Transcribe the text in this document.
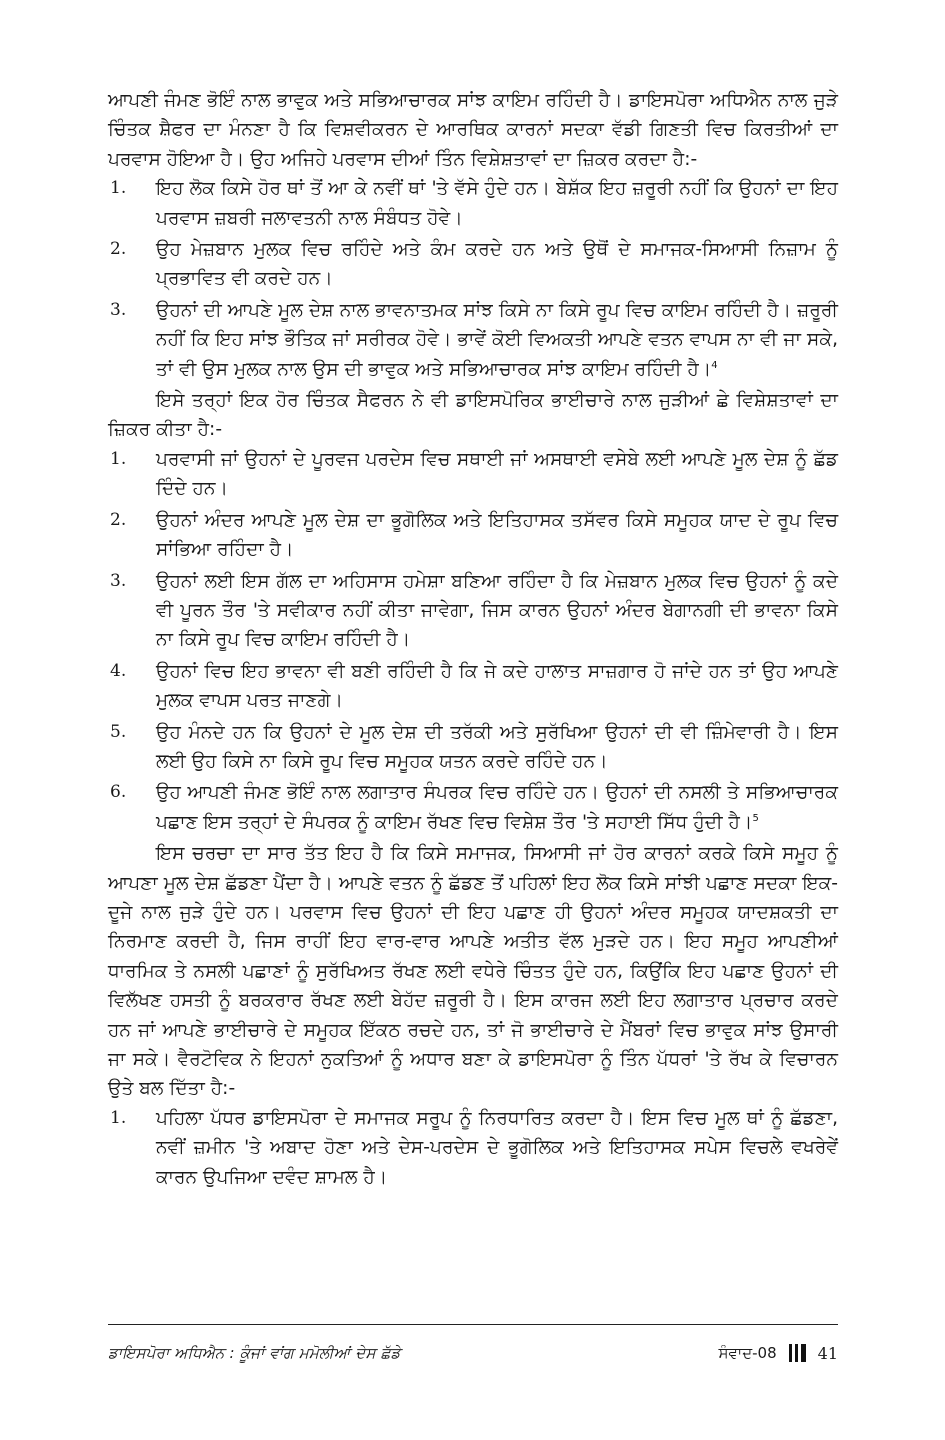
ਆਪਣੀ ਜੰਮਣ ਭੋਇੰ ਨਾਲ ਭਾਵੁਕ ਅਤੇ ਸਭਿਆਚਾਰਕ ਸਾਂਝ ਕਾਇਮ ਰਹਿੰਦੀ ਹੈ। ਡਾਇਸਪੋਰਾ ਅਧਿਐਨ ਨਾਲ ਜੁੜੇ ਚਿੰਤਕ ਸ਼ੈਫਰ ਦਾ ਮੰਨਣਾ ਹੈ ਕਿ ਵਿਸ਼ਵੀਕਰਨ ਦੇ ਆਰਥਿਕ ਕਾਰਨਾਂ ਸਦਕਾ ਵੱਡੀ ਗਿਣਤੀ ਵਿਚ ਕਿਰਤੀਆਂ ਦਾ ਪਰਵਾਸ ਹੋਇਆ ਹੈ। ਉਹ ਅਜਿਹੇ ਪਰਵਾਸ ਦੀਆਂ ਤਿੰਨ ਵਿਸ਼ੇਸ਼ਤਾਵਾਂ ਦਾ ਜ਼ਿਕਰ ਕਰਦਾ ਹੈ:-

1. ਇਹ ਲੋਕ ਕਿਸੇ ਹੋਰ ਥਾਂ ਤੋਂ ਆ ਕੇ ਨਵੀਂ ਥਾਂ 'ਤੇ ਵੱਸੇ ਹੁੰਦੇ ਹਨ। ਬੇਸ਼ੱਕ ਇਹ ਜ਼ਰੂਰੀ ਨਹੀਂ ਕਿ ਉਹਨਾਂ ਦਾ ਇਹ ਪਰਵਾਸ ਜ਼ਬਰੀ ਜਲਾਵਤਨੀ ਨਾਲ ਸੰਬੰਧਤ ਹੋਵੇ।
2. ਉਹ ਮੇਜ਼ਬਾਨ ਮੁਲਕ ਵਿਚ ਰਹਿੰਦੇ ਅਤੇ ਕੰਮ ਕਰਦੇ ਹਨ ਅਤੇ ਉਥੋਂ ਦੇ ਸਮਾਜਕ-ਸਿਆਸੀ ਨਿਜ਼ਾਮ ਨੂੰ ਪ੍ਰਭਾਵਿਤ ਵੀ ਕਰਦੇ ਹਨ।
3. ਉਹਨਾਂ ਦੀ ਆਪਣੇ ਮੂਲ ਦੇਸ਼ ਨਾਲ ਭਾਵਨਾਤਮਕ ਸਾਂਝ ਕਿਸੇ ਨਾ ਕਿਸੇ ਰੂਪ ਵਿਚ ਕਾਇਮ ਰਹਿੰਦੀ ਹੈ। ਜ਼ਰੂਰੀ ਨਹੀਂ ਕਿ ਇਹ ਸਾਂਝ ਭੌਤਿਕ ਜਾਂ ਸਰੀਰਕ ਹੋਵੇ। ਭਾਵੇਂ ਕੋਈ ਵਿਅਕਤੀ ਆਪਣੇ ਵਤਨ ਵਾਪਸ ਨਾ ਵੀ ਜਾ ਸਕੇ, ਤਾਂ ਵੀ ਉਸ ਮੁਲਕ ਨਾਲ ਉਸ ਦੀ ਭਾਵੁਕ ਅਤੇ ਸਭਿਆਚਾਰਕ ਸਾਂਝ ਕਾਇਮ ਰਹਿੰਦੀ ਹੈ।$^4$

ਇਸੇ ਤਰ੍ਹਾਂ ਇਕ ਹੋਰ ਚਿੰਤਕ ਸੈਫਰਨ ਨੇ ਵੀ ਡਾਇਸਪੋਰਿਕ ਭਾਈਚਾਰੇ ਨਾਲ ਜੁੜੀਆਂ ਛੇ ਵਿਸ਼ੇਸ਼ਤਾਵਾਂ ਦਾ ਜ਼ਿਕਰ ਕੀਤਾ ਹੈ:-

1. ਪਰਵਾਸੀ ਜਾਂ ਉਹਨਾਂ ਦੇ ਪੂਰਵਜ ਪਰਦੇਸ ਵਿਚ ਸਥਾਈ ਜਾਂ ਅਸਥਾਈ ਵਸੇਬੇ ਲਈ ਆਪਣੇ ਮੂਲ ਦੇਸ਼ ਨੂੰ ਛੱਡ ਦਿੰਦੇ ਹਨ।
2. ਉਹਨਾਂ ਅੰਦਰ ਆਪਣੇ ਮੂਲ ਦੇਸ਼ ਦਾ ਭੂਗੋਲਿਕ ਅਤੇ ਇਤਿਹਾਸਕ ਤਸੱਵਰ ਕਿਸੇ ਸਮੂਹਕ ਯਾਦ ਦੇ ਰੂਪ ਵਿਚ ਸਾਂਭਿਆ ਰਹਿੰਦਾ ਹੈ।
3. ਉਹਨਾਂ ਲਈ ਇਸ ਗੱਲ ਦਾ ਅਹਿਸਾਸ ਹਮੇਸ਼ਾ ਬਣਿਆ ਰਹਿੰਦਾ ਹੈ ਕਿ ਮੇਜ਼ਬਾਨ ਮੁਲਕ ਵਿਚ ਉਹਨਾਂ ਨੂੰ ਕਦੇ ਵੀ ਪੂਰਨ ਤੌਰ 'ਤੇ ਸਵੀਕਾਰ ਨਹੀਂ ਕੀਤਾ ਜਾਵੇਗਾ, ਜਿਸ ਕਾਰਨ ਉਹਨਾਂ ਅੰਦਰ ਬੇਗਾਨਗੀ ਦੀ ਭਾਵਨਾ ਕਿਸੇ ਨਾ ਕਿਸੇ ਰੂਪ ਵਿਚ ਕਾਇਮ ਰਹਿੰਦੀ ਹੈ।
4. ਉਹਨਾਂ ਵਿਚ ਇਹ ਭਾਵਨਾ ਵੀ ਬਣੀ ਰਹਿੰਦੀ ਹੈ ਕਿ ਜੇ ਕਦੇ ਹਾਲਾਤ ਸਾਜ਼ਗਾਰ ਹੋ ਜਾਂਦੇ ਹਨ ਤਾਂ ਉਹ ਆਪਣੇ ਮੁਲਕ ਵਾਪਸ ਪਰਤ ਜਾਣਗੇ।
5. ਉਹ ਮੰਨਦੇ ਹਨ ਕਿ ਉਹਨਾਂ ਦੇ ਮੂਲ ਦੇਸ਼ ਦੀ ਤਰੱਕੀ ਅਤੇ ਸੁਰੱਖਿਆ ਉਹਨਾਂ ਦੀ ਵੀ ਜ਼ਿੰਮੇਵਾਰੀ ਹੈ। ਇਸ ਲਈ ਉਹ ਕਿਸੇ ਨਾ ਕਿਸੇ ਰੂਪ ਵਿਚ ਸਮੂਹਕ ਯਤਨ ਕਰਦੇ ਰਹਿੰਦੇ ਹਨ।
6. ਉਹ ਆਪਣੀ ਜੰਮਣ ਭੋਇੰ ਨਾਲ ਲਗਾਤਾਰ ਸੰਪਰਕ ਵਿਚ ਰਹਿੰਦੇ ਹਨ। ਉਹਨਾਂ ਦੀ ਨਸਲੀ ਤੇ ਸਭਿਆਚਾਰਕ ਪਛਾਣ ਇਸ ਤਰ੍ਹਾਂ ਦੇ ਸੰਪਰਕ ਨੂੰ ਕਾਇਮ ਰੱਖਣ ਵਿਚ ਵਿਸ਼ੇਸ਼ ਤੌਰ 'ਤੇ ਸਹਾਈ ਸਿੱਧ ਹੁੰਦੀ ਹੈ।$^5$

ਇਸ ਚਰਚਾ ਦਾ ਸਾਰ ਤੱਤ ਇਹ ਹੈ ਕਿ ਕਿਸੇ ਸਮਾਜਕ, ਸਿਆਸੀ ਜਾਂ ਹੋਰ ਕਾਰਨਾਂ ਕਰਕੇ ਕਿਸੇ ਸਮੂਹ ਨੂੰ ਆਪਣਾ ਮੂਲ ਦੇਸ਼ ਛੱਡਣਾ ਪੈਂਦਾ ਹੈ। ਆਪਣੇ ਵਤਨ ਨੂੰ ਛੱਡਣ ਤੋਂ ਪਹਿਲਾਂ ਇਹ ਲੋਕ ਕਿਸੇ ਸਾਂਝੀ ਪਛਾਣ ਸਦਕਾ ਇਕ-ਦੂਜੇ ਨਾਲ ਜੁੜੇ ਹੁੰਦੇ ਹਨ। ਪਰਵਾਸ ਵਿਚ ਉਹਨਾਂ ਦੀ ਇਹ ਪਛਾਣ ਹੀ ਉਹਨਾਂ ਅੰਦਰ ਸਮੂਹਕ ਯਾਦਸ਼ਕਤੀ ਦਾ ਨਿਰਮਾਣ ਕਰਦੀ ਹੈ, ਜਿਸ ਰਾਹੀਂ ਇਹ ਵਾਰ-ਵਾਰ ਆਪਣੇ ਅਤੀਤ ਵੱਲ ਮੁੜਦੇ ਹਨ। ਇਹ ਸਮੂਹ ਆਪਣੀਆਂ ਧਾਰਮਿਕ ਤੇ ਨਸਲੀ ਪਛਾਣਾਂ ਨੂੰ ਸੁਰੱਖਿਅਤ ਰੱਖਣ ਲਈ ਵਧੇਰੇ ਚਿੰਤਤ ਹੁੰਦੇ ਹਨ, ਕਿਉਂਕਿ ਇਹ ਪਛਾਣ ਉਹਨਾਂ ਦੀ ਵਿਲੱਖਣ ਹਸਤੀ ਨੂੰ ਬਰਕਰਾਰ ਰੱਖਣ ਲਈ ਬੇਹੱਦ ਜ਼ਰੂਰੀ ਹੈ। ਇਸ ਕਾਰਜ ਲਈ ਇਹ ਲਗਾਤਾਰ ਪ੍ਰਚਾਰ ਕਰਦੇ ਹਨ ਜਾਂ ਆਪਣੇ ਭਾਈਚਾਰੇ ਦੇ ਸਮੂਹਕ ਇੱਕਠ ਰਚਦੇ ਹਨ, ਤਾਂ ਜੋ ਭਾਈਚਾਰੇ ਦੇ ਮੈਂਬਰਾਂ ਵਿਚ ਭਾਵੁਕ ਸਾਂਝ ਉਸਾਰੀ ਜਾ ਸਕੇ। ਵੈਰਟੋਵਿਕ ਨੇ ਇਹਨਾਂ ਨੁਕਤਿਆਂ ਨੂੰ ਅਧਾਰ ਬਣਾ ਕੇ ਡਾਇਸਪੋਰਾ ਨੂੰ ਤਿੰਨ ਪੱਧਰਾਂ 'ਤੇ ਰੱਖ ਕੇ ਵਿਚਾਰਨ ਉਤੇ ਬਲ ਦਿੱਤਾ ਹੈ:-

1. ਪਹਿਲਾ ਪੱਧਰ ਡਾਇਸਪੋਰਾ ਦੇ ਸਮਾਜਕ ਸਰੂਪ ਨੂੰ ਨਿਰਧਾਰਿਤ ਕਰਦਾ ਹੈ। ਇਸ ਵਿਚ ਮੂਲ ਥਾਂ ਨੂੰ ਛੱਡਣਾ, ਨਵੀਂ ਜ਼ਮੀਨ 'ਤੇ ਅਬਾਦ ਹੋਣਾ ਅਤੇ ਦੇਸ-ਪਰਦੇਸ ਦੇ ਭੂਗੋਲਿਕ ਅਤੇ ਇਤਿਹਾਸਕ ਸਪੇਸ ਵਿਚਲੇ ਵਖਰੇਵੇਂ ਕਾਰਨ ਉਪਜਿਆ ਦਵੰਦ ਸ਼ਾਮਲ ਹੈ।
ਡਾਇਸਪੋਰਾ ਅਧਿਐਨ : ਕੂੰਜਾਂ ਵਾਂਗ ਮਮੋਲੀਆਂ ਦੇਸ ਛੱਡੇ	ਸੰਵਾਦ-08	41
